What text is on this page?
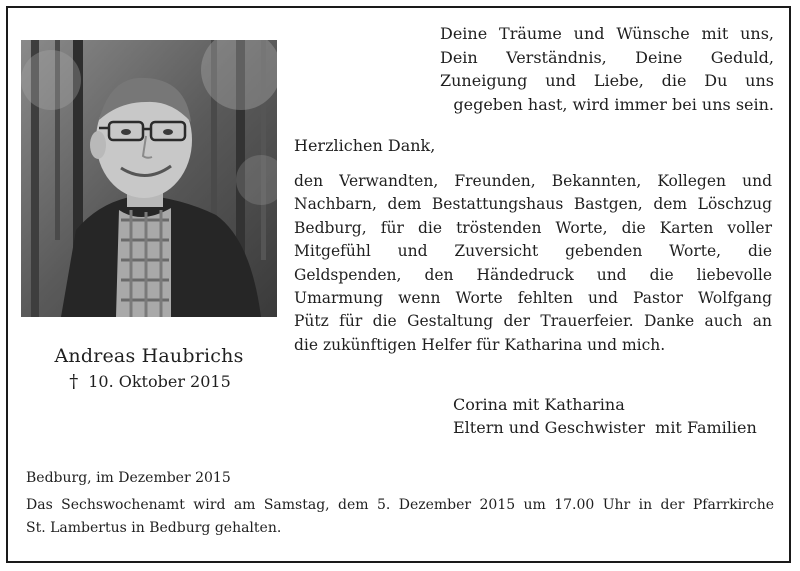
Andreas Haubrichs
† 10. Oktober 2015
Deine Träume und Wünsche mit uns,
Dein Verständnis, Deine Geduld,
Zuneigung und Liebe, die Du uns
gegeben hast, wird immer bei uns sein.
Herzlichen Dank,
den Verwandten, Freunden, Bekannten, Kollegen und
Nachbarn, dem Bestattungshaus Bastgen, dem Löschzug
Bedburg, für die tröstenden Worte, die Karten voller
Mitgefühl und Zuversicht gebenden Worte, die
Geldspenden, den Händedruck und die liebevolle
Umarmung wenn Worte fehlten und Pastor Wolfgang
Pütz für die Gestaltung der Trauerfeier. Danke auch an
die zukünftigen Helfer für Katharina und mich.
Corina mit Katharina
Eltern und Geschwister  mit Familien
Bedburg, im Dezember 2015
Das Sechswochenamt wird am Samstag, dem 5. Dezember 2015 um 17.00 Uhr in der Pfarrkirche
St. Lambertus in Bedburg gehalten.
